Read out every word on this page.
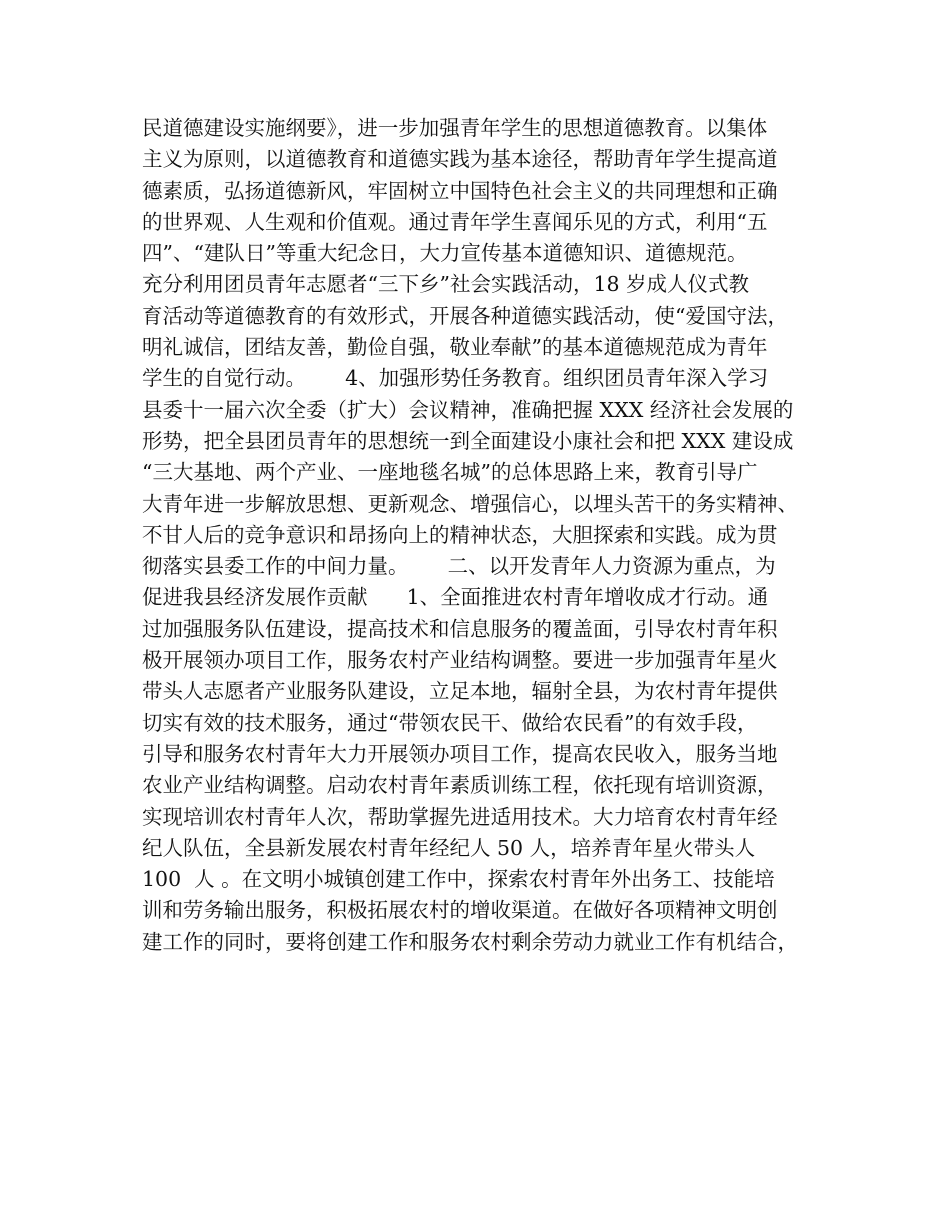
民道德建设实施纲要》，进一步加强青年学生的思想道德教育。以集体
主义为原则，以道德教育和道德实践为基本途径，帮助青年学生提高道
德素质，弘扬道德新风，牢固树立中国特色社会主义的共同理想和正确
的世界观、人生观和价值观。通过青年学生喜闻乐见的方式，利用“五
四”、“建队日”等重大纪念日，大力宣传基本道德知识、道德规范。
充分利用团员青年志愿者“三下乡”社会实践活动，18 岁成人仪式教
育活动等道德教育的有效形式，开展各种道德实践活动，使“爱国守法，
明礼诚信，团结友善，勤俭自强，敬业奉献”的基本道德规范成为青年
学生的自觉行动。      4、加强形势任务教育。组织团员青年深入学习
县委十一届六次全委（扩大）会议精神，准确把握 XXX 经济社会发展的
形势，把全县团员青年的思想统一到全面建设小康社会和把 XXX 建设成
“三大基地、两个产业、一座地毯名城”的总体思路上来，教育引导广
大青年进一步解放思想、更新观念、增强信心，以埋头苦干的务实精神、
不甘人后的竞争意识和昂扬向上的精神状态，大胆探索和实践。成为贯
彻落实县委工作的中间力量。      二、以开发青年人力资源为重点，为
促进我县经济发展作贡献      1、全面推进农村青年增收成才行动。通
过加强服务队伍建设，提高技术和信息服务的覆盖面，引导农村青年积
极开展领办项目工作，服务农村产业结构调整。要进一步加强青年星火
带头人志愿者产业服务队建设，立足本地，辐射全县，为农村青年提供
切实有效的技术服务，通过“带领农民干、做给农民看”的有效手段，
引导和服务农村青年大力开展领办项目工作，提高农民收入，服务当地
农业产业结构调整。启动农村青年素质训练工程，依托现有培训资源，
实现培训农村青年人次，帮助掌握先进适用技术。大力培育农村青年经
纪人队伍，全县新发展农村青年经纪人 50 人，培养青年星火带头人
100  人 。在文明小城镇创建工作中，探索农村青年外出务工、技能培
训和劳务输出服务，积极拓展农村的增收渠道。在做好各项精神文明创
建工作的同时，要将创建工作和服务农村剩余劳动力就业工作有机结合，
